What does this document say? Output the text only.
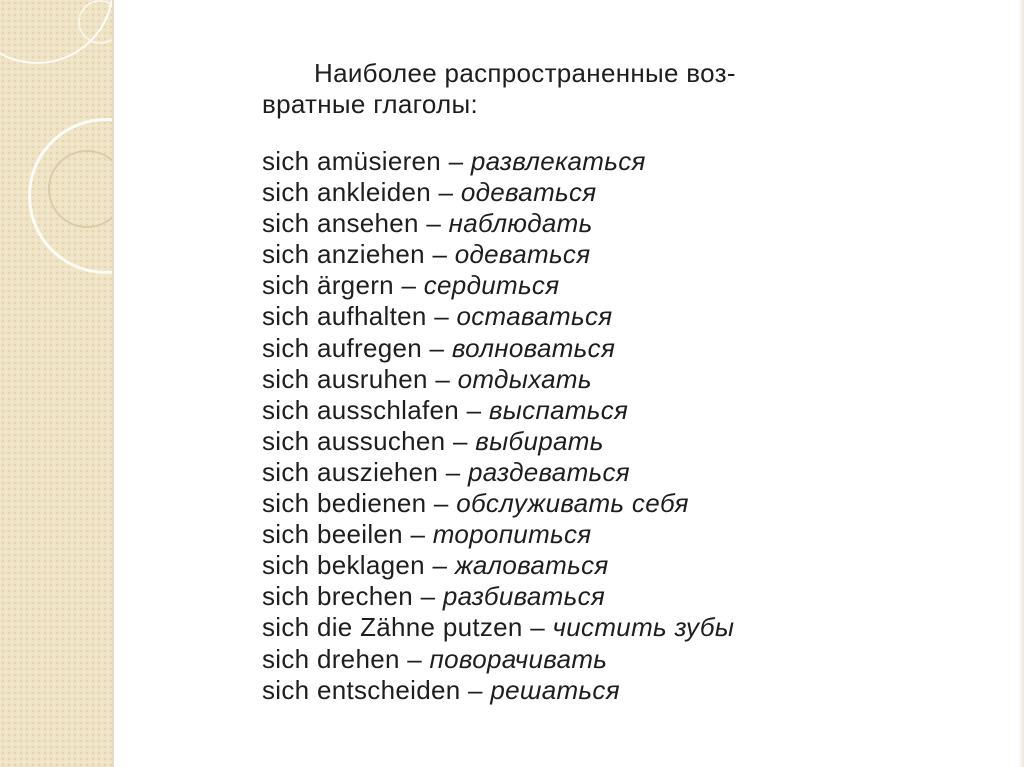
Наиболее распространенные воз-
вратные глаголы:
sich amüsieren – развлекаться
sich ankleiden – одеваться
sich ansehen – наблюдать
sich anziehen – одеваться
sich ärgern – сердиться
sich aufhalten – оставаться
sich aufregen – волноваться
sich ausruhen – отдыхать
sich ausschlafen – выспаться
sich aussuchen – выбирать
sich ausziehen – раздеваться
sich bedienen – обслуживать себя
sich beeilen – торопиться
sich beklagen – жаловаться
sich brechen – разбиваться
sich die Zähne putzen – чистить зубы
sich drehen – поворачивать
sich entscheiden – решаться
